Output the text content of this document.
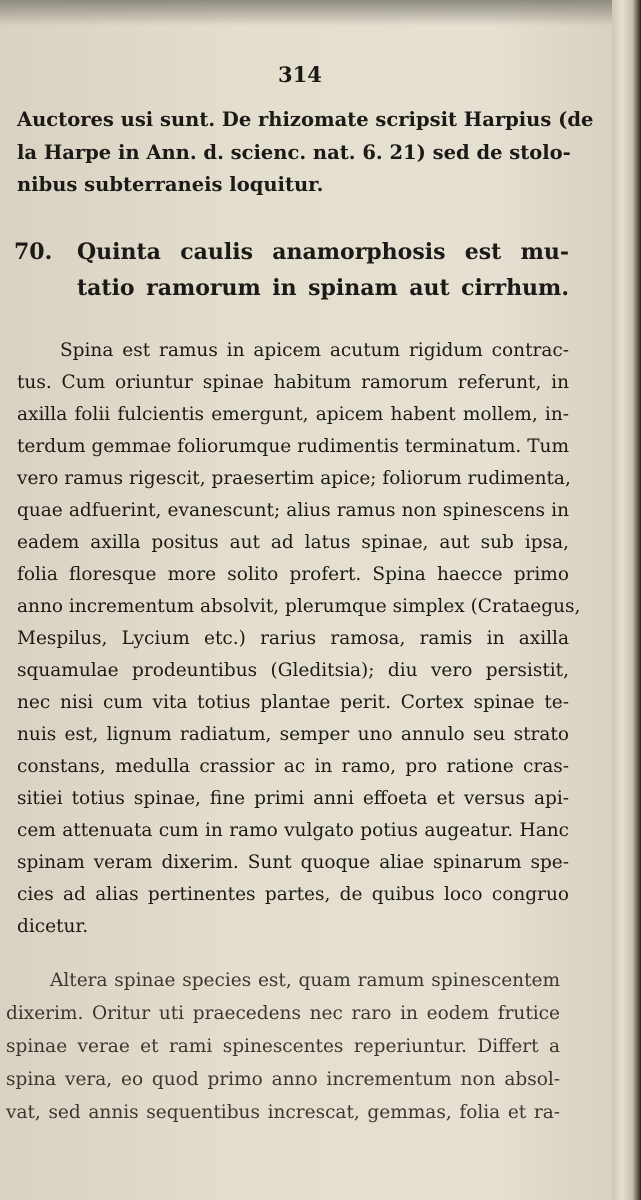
314
Auctores usi sunt. De rhizomate scripsit Harpius (de
la Harpe in Ann. d. scienc. nat. 6. 21) sed de stolo-
nibus subterraneis loquitur.
70. Quinta caulis anamorphosis est mu-
tatio ramorum in spinam aut cirrhum.
Spina est ramus in apicem acutum rigidum contrac-
tus. Cum oriuntur spinae habitum ramorum referunt, in
axilla folii fulcientis emergunt, apicem habent mollem, in-
terdum gemmae foliorumque rudimentis terminatum. Tum
vero ramus rigescit, praesertim apice; foliorum rudimenta,
quae adfuerint, evanescunt; alius ramus non spinescens in
eadem axilla positus aut ad latus spinae, aut sub ipsa,
folia floresque more solito profert. Spina haecce primo
anno incrementum absolvit, plerumque simplex (Crataegus,
Mespilus, Lycium etc.) rarius ramosa, ramis in axilla
squamulae prodeuntibus (Gleditsia); diu vero persistit,
nec nisi cum vita totius plantae perit. Cortex spinae te-
nuis est, lignum radiatum, semper uno annulo seu strato
constans, medulla crassior ac in ramo, pro ratione cras-
sitiei totius spinae, fine primi anni effoeta et versus api-
cem attenuata cum in ramo vulgato potius augeatur. Hanc
spinam veram dixerim. Sunt quoque aliae spinarum spe-
cies ad alias pertinentes partes, de quibus loco congruo
dicetur.
Altera spinae species est, quam ramum spinescentem
dixerim. Oritur uti praecedens nec raro in eodem frutice
spinae verae et rami spinescentes reperiuntur. Differt a
spina vera, eo quod primo anno incrementum non absol-
vat, sed annis sequentibus increscat, gemmas, folia et ra-
